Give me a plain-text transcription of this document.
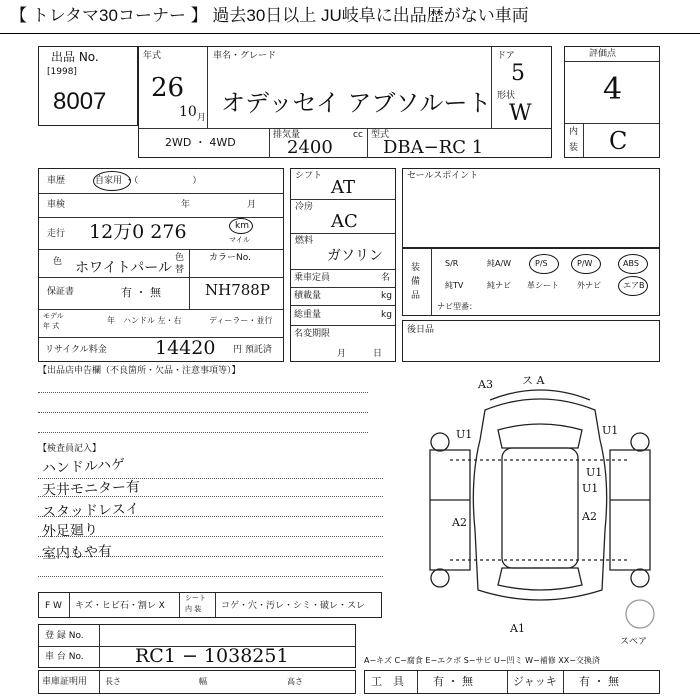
【 トレタマ30コーナー 】 過去30日以上 JU岐阜に出品歴がない車両
出品 No.
[1998]
8007
年式
26
10 月
車名・グレード
オデッセイ アブソルート
ドア
5
形状
W
2WD ・ 4WD
排気量	cc
2400
型式
DBA−RC 1
評価点
4
内
装 C
車歴	自家用 ・（　　　　　　）
車検	年	月
走行 12万0 276	km
マイル
色 ホワイトパール
色
替
カラーNo.
保証書	有 ・ 無	NH788P
モデル
年 式
年 ハンドル 左・右	ディーラー・並行
リサイクル料金	14420 円 預託済
シフト
AT
冷房
AC
燃料
ガソリン
乗車定員	名
積載量	kg
総重量	kg
名変期限
月　　　日
セールスポイント
装備品
S/R	純A/W	P/S	P/W	ABS
純TV	純ナビ 革シート 外ナビ	エアB
ナビ型番：
後日品
【出品店申告欄（不良箇所・欠品・注意事項等）】
【検査員記入】
ハンドルハゲ
天井モニター有
スタッドレスイ
外足廻り
室内もや有
A3	ス A
U1	U1
U1
U1
A2	A2
A1
スペア
F W キズ・ヒビ石・割レ X
シート
内 装 コゲ・穴・汚レ・シミ・破レ・スレ
登 録 No.
車 台 No.	RC1 − 1038251
車庫証明用 長さ	幅	高さ
A−キズ C−腐食 E−エクボ S−サビ U−凹ミ W−補修 XX−交換済
工　具	有 ・ 無	ジャッキ 有 ・ 無
